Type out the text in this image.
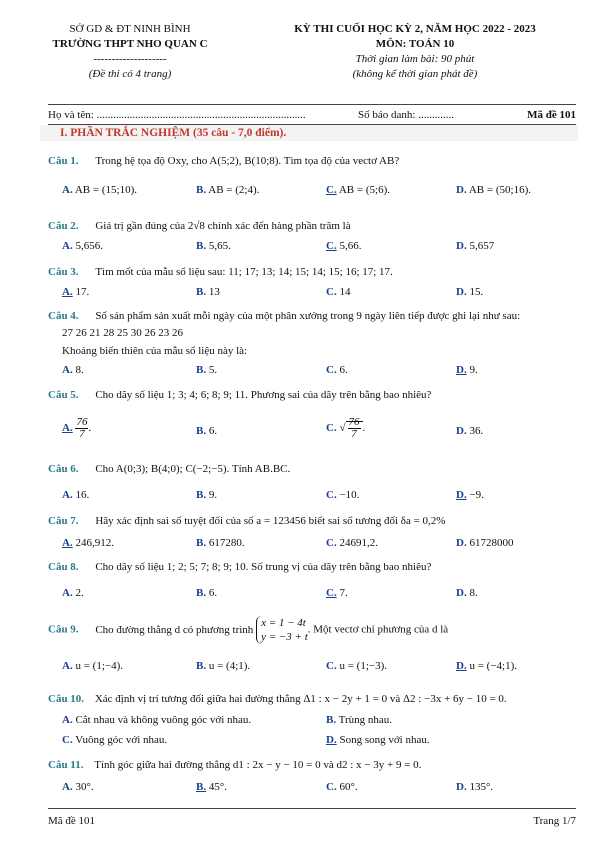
SỞ GD & ĐT NINH BÌNH
TRƯỜNG THPT NHO QUAN C
--------------------
(Đề thi có 4 trang)
KỲ THI CUỐI HỌC KỲ 2, NĂM HỌC 2022 - 2023
MÔN: TOÁN 10
Thời gian làm bài: 90 phút
(không kể thời gian phát đề)
Họ và tên: ............................................................................	Số báo danh: .............	Mã đề 101
I. PHẦN TRẮC NGHIỆM (35 câu - 7,0 điểm).
Câu 1. Trong hệ tọa độ Oxy, cho A(5;2), B(10;8). Tìm tọa độ của vectơ AB?
A. AB = (15;10).	B. AB = (2;4).	C. AB = (5;6).	D. AB = (50;16).
Câu 2. Giá trị gần đúng của 2√8 chính xác đến hàng phần trăm là
A. 5,656.	B. 5,65.	C. 5,66.	D. 5,657
Câu 3. Tìm mốt của mẫu số liệu sau: 11; 17; 13; 14; 15; 14; 15; 16; 17; 17.
A. 17.	B. 13	C. 14	D. 15.
Câu 4. Số sản phẩm sản xuất mỗi ngày của một phân xưởng trong 9 ngày liên tiếp được ghi lại như sau:
27 26 21 28 25 30 26 23 26
Khoảng biến thiên của mẫu số liệu này là:
A. 8.	B. 5.	C. 6.	D. 9.
Câu 5. Cho dãy số liệu 1; 3; 4; 6; 8; 9; 11. Phương sai của dãy trên bằng bao nhiêu?
A. $\frac{76}{7}$ .	B. 6.	C. √ $\frac{76}{7}$ .	D. 36.
Câu 6. Cho A(0;3); B(4;0); C(−2;−5). Tính AB.BC.
A. 16.	B. 9.	C. −10.	D. −9.
Câu 7. Hãy xác định sai số tuyệt đối của số a = 123456 biết sai số tương đối δa = 0,2%
A. 246,912.	B. 617280.	C. 24691,2.	D. 61728000
Câu 8. Cho dãy số liệu 1; 2; 5; 7; 8; 9; 10. Số trung vị của dãy trên bằng bao nhiêu?
A. 2.	B. 6.	C. 7.	D. 8.
Câu 9. Cho đường thẳng d có phương trình
x = 1 − 4t
y = −3 + t
. Một vectơ chỉ phương của d là
A. u = (1;−4).	B. u = (4;1).	C. u = (1;−3).	D. u = (−4;1).
Câu 10. Xác định vị trí tương đối giữa hai đường thẳng Δ1 : x − 2y + 1 = 0 và Δ2 : −3x + 6y − 10 = 0.
A. Cắt nhau và không vuông góc với nhau.	B. Trùng nhau.
C. Vuông góc với nhau.	D. Song song với nhau.
Câu 11. Tính góc giữa hai đường thẳng d1 : 2x − y − 10 = 0 và d2 : x − 3y + 9 = 0.
A. 30°.	B. 45°.	C. 60°.	D. 135°.
Mã đề 101	Trang 1/7
